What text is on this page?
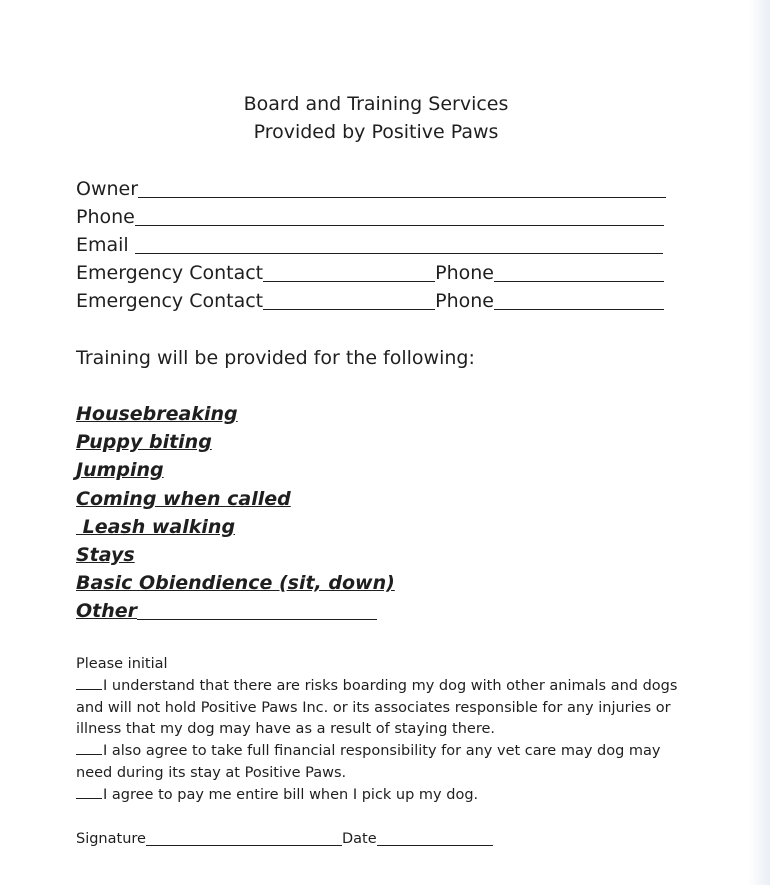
Board and Training Services
Provided by Positive Paws
Owner
Phone
Email
Emergency Contact	Phone
Emergency Contact	Phone
Training will be provided for the following:
Housebreaking
Puppy biting
Jumping
Coming when called
Leash walking
Stays
Basic Obiendience (sit, down)
Other
Please initial
I understand that there are risks boarding my dog with other animals and dogs
and will not hold Positive Paws Inc. or its associates responsible for any injuries or
illness that my dog may have as a result of staying there.
I also agree to take full financial responsibility for any vet care may dog may
need during its stay at Positive Paws.
I agree to pay me entire bill when I pick up my dog.
Signature	Date
